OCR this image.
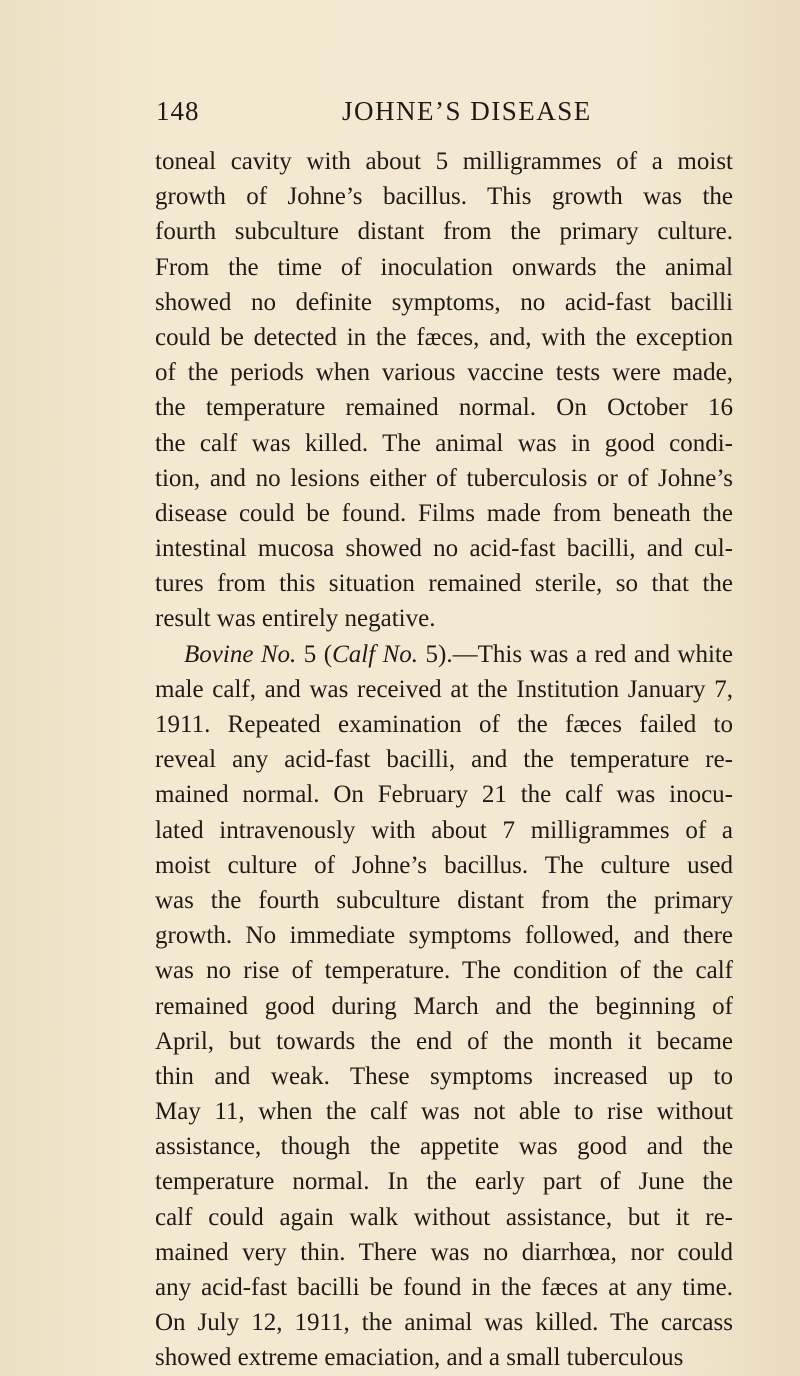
148	JOHNE’S DISEASE
toneal cavity with about 5 milligrammes of a moist
growth of Johne’s bacillus. This growth was the
fourth subculture distant from the primary culture.
From the time of inoculation onwards the animal
showed no definite symptoms, no acid-fast bacilli
could be detected in the fæces, and, with the exception
of the periods when various vaccine tests were made,
the temperature remained normal. On October 16
the calf was killed. The animal was in good condi-
tion, and no lesions either of tuberculosis or of Johne’s
disease could be found. Films made from beneath the
intestinal mucosa showed no acid-fast bacilli, and cul-
tures from this situation remained sterile, so that the
result was entirely negative.
Bovine No. 5 (Calf No. 5).—This was a red and white
male calf, and was received at the Institution January 7,
1911. Repeated examination of the fæces failed to
reveal any acid-fast bacilli, and the temperature re-
mained normal. On February 21 the calf was inocu-
lated intravenously with about 7 milligrammes of a
moist culture of Johne’s bacillus. The culture used
was the fourth subculture distant from the primary
growth. No immediate symptoms followed, and there
was no rise of temperature. The condition of the calf
remained good during March and the beginning of
April, but towards the end of the month it became
thin and weak. These symptoms increased up to
May 11, when the calf was not able to rise without
assistance, though the appetite was good and the
temperature normal. In the early part of June the
calf could again walk without assistance, but it re-
mained very thin. There was no diarrhœa, nor could
any acid-fast bacilli be found in the fæces at any time.
On July 12, 1911, the animal was killed. The carcass
showed extreme emaciation, and a small tuberculous
